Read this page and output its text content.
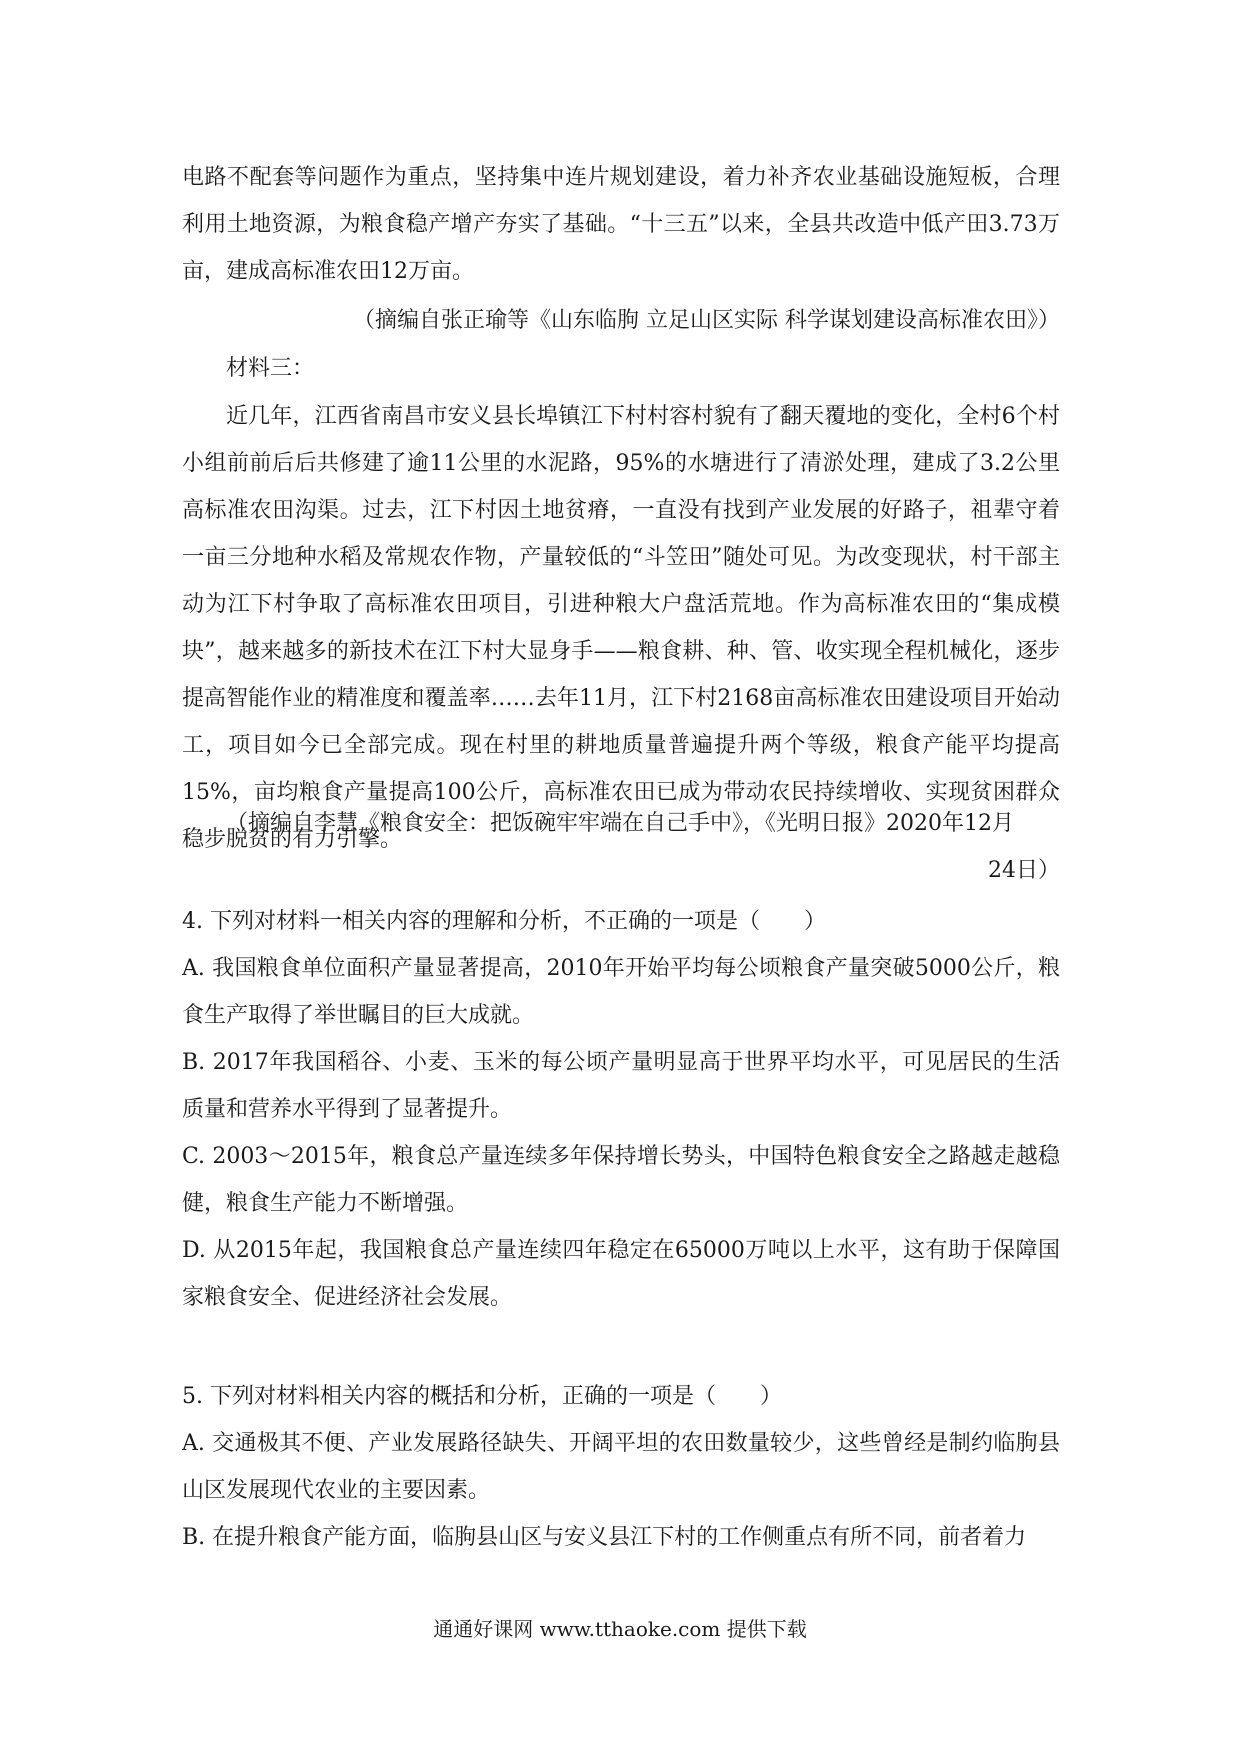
电路不配套等问题作为重点，坚持集中连片规划建设，着力补齐农业基础设施短板，合理利用土地资源，为粮食稳产增产夯实了基础。“十三五”以来，全县共改造中低产田3.73万亩，建成高标准农田12万亩。

（摘编自张正瑜等《山东临朐 立足山区实际 科学谋划建设高标准农田》）

材料三：

近几年，江西省南昌市安义县长埠镇江下村村容村貌有了翻天覆地的变化，全村6个村小组前前后后共修建了逾11公里的水泥路，95%的水塘进行了清淤处理，建成了3.2公里高标准农田沟渠。过去，江下村因土地贫瘠，一直没有找到产业发展的好路子，祖辈守着一亩三分地种水稻及常规农作物，产量较低的“斗笠田”随处可见。为改变现状，村干部主动为江下村争取了高标准农田项目，引进种粮大户盘活荒地。作为高标准农田的“集成模块”，越来越多的新技术在江下村大显身手——粮食耕、种、管、收实现全程机械化，逐步提高智能作业的精准度和覆盖率……去年11月，江下村2168亩高标准农田建设项目开始动工，项目如今已全部完成。现在村里的耕地质量普遍提升两个等级，粮食产能平均提高15%，亩均粮食产量提高100公斤，高标准农田已成为带动农民持续增收、实现贫困群众稳步脱贫的有力引擎。

（摘编自李慧《粮食安全：把饭碗牢牢端在自己手中》，《光明日报》2020年12月

24日）

4. 下列对材料一相关内容的理解和分析，不正确的一项是（　　）

A. 我国粮食单位面积产量显著提高，2010年开始平均每公顷粮食产量突破5000公斤，粮食生产取得了举世瞩目的巨大成就。

B. 2017年我国稻谷、小麦、玉米的每公顷产量明显高于世界平均水平，可见居民的生活质量和营养水平得到了显著提升。

C. 2003～2015年，粮食总产量连续多年保持增长势头，中国特色粮食安全之路越走越稳健，粮食生产能力不断增强。

D. 从2015年起，我国粮食总产量连续四年稳定在65000万吨以上水平，这有助于保障国家粮食安全、促进经济社会发展。

5. 下列对材料相关内容的概括和分析，正确的一项是（　　）

A. 交通极其不便、产业发展路径缺失、开阔平坦的农田数量较少，这些曾经是制约临朐县山区发展现代农业的主要因素。

B. 在提升粮食产能方面，临朐县山区与安义县江下村的工作侧重点有所不同，前者着力

通通好课网 www.tthaoke.com 提供下载
